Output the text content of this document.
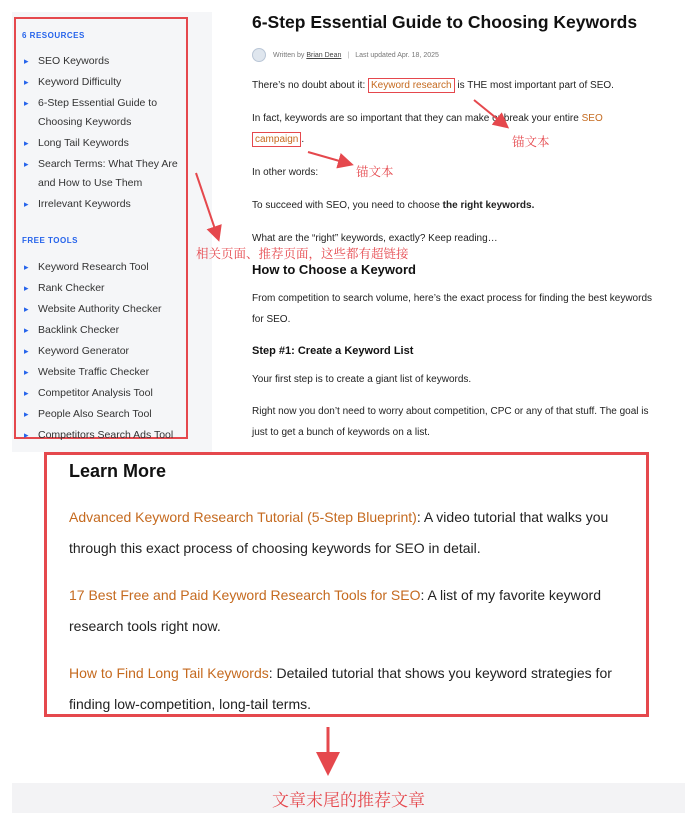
6 RESOURCES
▸ SEO Keywords
▸ Keyword Difficulty
▸ 6-Step Essential Guide to Choosing Keywords
▸ Long Tail Keywords
▸ Search Terms: What They Are and How to Use Them
▸ Irrelevant Keywords
FREE TOOLS
▸ Keyword Research Tool
▸ Rank Checker
▸ Website Authority Checker
▸ Backlink Checker
▸ Keyword Generator
▸ Website Traffic Checker
▸ Competitor Analysis Tool
▸ People Also Search Tool
▸ Competitors Search Ads Tool
6-Step Essential Guide to Choosing Keywords
Written by
Brian Dean | Last updated Apr. 18, 2025
There’s no doubt about it: Keyword research is THE most important part of SEO.
In fact, keywords are so important that they can make or break your entire SEO
campaign .
In other words:
To succeed with SEO, you need to choose the right keywords.
What are the “right” keywords, exactly? Keep reading…
How to Choose a Keyword
From competition to search volume, here’s the exact process for finding the best keywords for SEO.
Step #1: Create a Keyword List
Your first step is to create a giant list of keywords.
Right now you don’t need to worry about competition, CPC or any of that stuff. The goal is just to get a bunch of keywords on a list.
锚文本
锚文本
相关页面、推荐页面，这些都有超链接
Learn More
Advanced Keyword Research Tutorial (5-Step Blueprint): A video tutorial that walks you through this exact process of choosing keywords for SEO in detail.
17 Best Free and Paid Keyword Research Tools for SEO: A list of my favorite keyword research tools right now.
How to Find Long Tail Keywords: Detailed tutorial that shows you keyword strategies for finding low-competition, long-tail terms.
文章末尾的推荐文章
